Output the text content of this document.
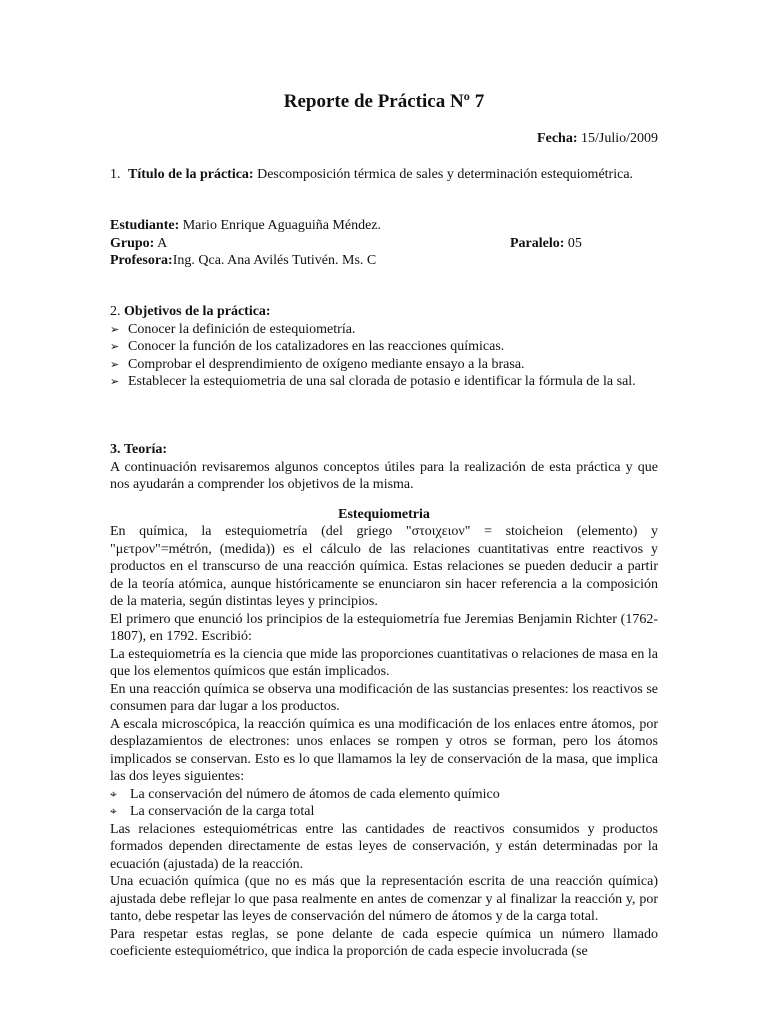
Reporte de Práctica Nº 7
Fecha: 15/Julio/2009
1. Título de la práctica: Descomposición térmica de sales y determinación estequiométrica.
Estudiante: Mario Enrique Aguaguiña Méndez.
Grupo: A	Paralelo: 05
Profesora:Ing. Qca. Ana Avilés Tutivén. Ms. C
2. Objetivos de la práctica:
➢ Conocer la definición de estequiometría.
➢ Conocer la función de los catalizadores en las reacciones químicas.
➢ Comprobar el desprendimiento de oxígeno mediante ensayo a la brasa.
➢ Establecer la estequiometria de una sal clorada de potasio e identificar la fórmula de la sal.
3. Teoría:

A continuación revisaremos algunos conceptos útiles para la realización de esta práctica y que nos ayudarán a comprender los objetivos de la misma.

Estequiometria

En química, la estequiometría (del griego "στοιχειον" = stoicheion (elemento) y "μετρον"=métrón, (medida)) es el cálculo de las relaciones cuantitativas entre reactivos y productos en el transcurso de una reacción química. Estas relaciones se pueden deducir a partir de la teoría atómica, aunque históricamente se enunciaron sin hacer referencia a la composición de la materia, según distintas leyes y principios.

El primero que enunció los principios de la estequiometría fue Jeremias Benjamin Richter (1762-1807), en 1792. Escribió:

La estequiometría es la ciencia que mide las proporciones cuantitativas o relaciones de masa en la que los elementos químicos que están implicados.

En una reacción química se observa una modificación de las sustancias presentes: los reactivos se consumen para dar lugar a los productos.

A escala microscópica, la reacción química es una modificación de los enlaces entre átomos, por desplazamientos de electrones: unos enlaces se rompen y otros se forman, pero los átomos implicados se conservan. Esto es lo que llamamos la ley de conservación de la masa, que implica las dos leyes siguientes:

⌖ La conservación del número de átomos de cada elemento químico
⌖ La conservación de la carga total

Las relaciones estequiométricas entre las cantidades de reactivos consumidos y productos formados dependen directamente de estas leyes de conservación, y están determinadas por la ecuación (ajustada) de la reacción.

Una ecuación química (que no es más que la representación escrita de una reacción química) ajustada debe reflejar lo que pasa realmente en antes de comenzar y al finalizar la reacción y, por tanto, debe respetar las leyes de conservación del número de átomos y de la carga total.

Para respetar estas reglas, se pone delante de cada especie química un número llamado coeficiente estequiométrico, que indica la proporción de cada especie involucrada (se
